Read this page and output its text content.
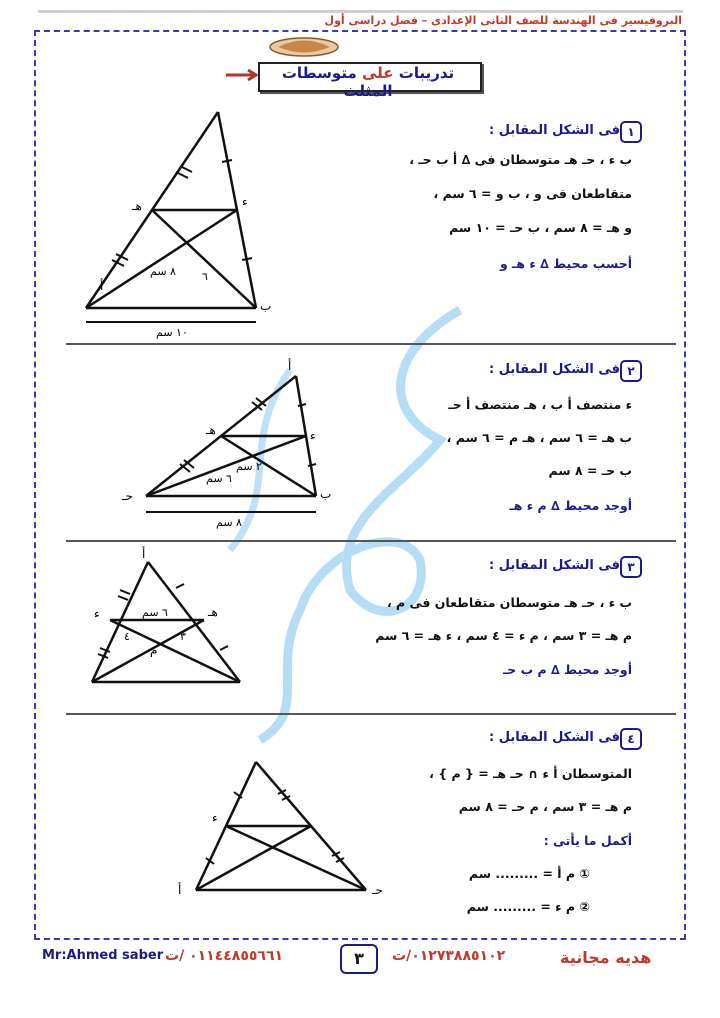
البروفيسير فى الهندسة للصف الثانى الإعدادى – فصل دراسى أول
تدريبات على متوسطات المثلث
١
فى الشكل المقابل :
ب ء ، حـ هـ متوسطان فى ∆ أ ب حـ ،
متقاطعان فى و ، ب و = ٦ سم ،
و هـ = ٨ سم ، ب حـ = ١٠ سم
أحسب محيط ∆ ء هـ و
أ
ب
ء
هـ
٨ سم ٦
١٠ سم
٢
فى الشكل المقابل :
ء منتصف أ ب ، هـ منتصف أ حـ
ب هـ = ٦ سم ، هـ م = ٦ سم ،
ب حـ = ٨ سم
أوجد محيط ∆ م ء هـ
أ
ب
حـ
ء
هـ
٦ سم
٢ سم
٨ سم
٣
فى الشكل المقابل :
ب ء ، حـ هـ متوسطان متقاطعان فى م ،
م هـ = ٣ سم ، م ء = ٤ سم ، ء هـ = ٦ سم
أوجد محيط ∆ م ب حـ
أ
ء	هـ
م
٦ سم
٤	٣
٤
فى الشكل المقابل :
المتوسطان أ ء ∩ حـ هـ = { م } ،
م هـ = ٣ سم ، م حـ = ٨ سم
أكمل ما يأتى :
① م أ = ......... سم
② م ء = ......... سم
أ	حـ
ء
Mr:Ahmed saber ٠١١٤٤٨٥٥٦٦١ /ت	٣	٠١٢٧٣٨٨٥١٠٢/ت	هديه مجانية
